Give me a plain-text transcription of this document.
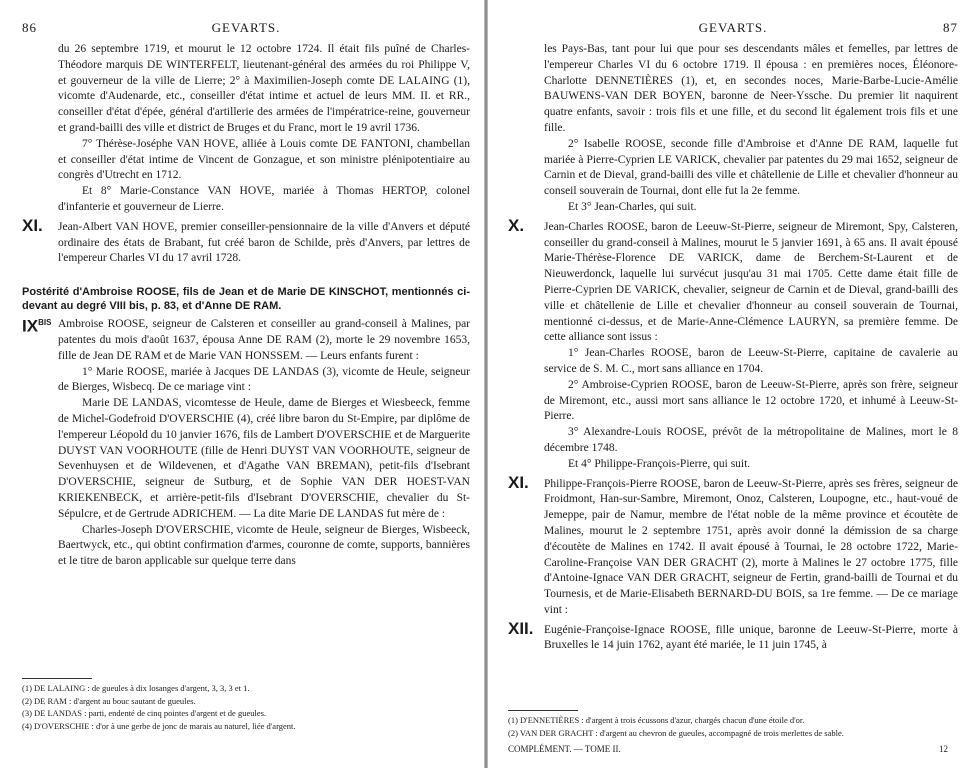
86	GEVARTS.

du 26 septembre 1719, et mourut le 12 octobre 1724. Il était fils puîné de Charles-Théodore marquis DE WINTERFELT, lieutenant-général des armées du roi Philippe V, et gouverneur de la ville de Lierre; 2° à Maximilien-Joseph comte DE LALAING (1), vicomte d'Audenarde, etc., conseiller d'état intime et actuel de leurs MM. II. et RR., conseiller d'état d'épée, général d'artillerie des armées de l'impératrice-reine, gouverneur et grand-bailli des ville et district de Bruges et du Franc, mort le 19 avril 1736.

7° Thérèse-Joséphe VAN HOVE, alliée à Louis comte DE FANTONI, chambellan et conseiller d'état intime de Vincent de Gonzague, et son ministre plénipotentiaire au congrès d'Utrecht en 1712.

Et 8° Marie-Constance VAN HOVE, mariée à Thomas HERTOP, colonel d'infanterie et gouverneur de Lierre.

XI. Jean-Albert VAN HOVE, premier conseiller-pensionnaire de la ville d'Anvers et député ordinaire des états de Brabant, fut créé baron de Schilde, près d'Anvers, par lettres de l'empereur Charles VI du 17 avril 1728.

Postérité d'Ambroise ROOSE, fils de Jean et de Marie DE KINSCHOT, mentionnés ci-devant au degré VIII bis, p. 83, et d'Anne DE RAM.

$IX^{BIS}$ Ambroise ROOSE, seigneur de Calsteren et conseiller au grand-conseil à Malines, par patentes du mois d'août 1637, épousa Anne DE RAM (2), morte le 29 novembre 1653, fille de Jean DE RAM et de Marie VAN HONSSEM. — Leurs enfants furent :

1° Marie ROOSE, mariée à Jacques DE LANDAS (3), vicomte de Heule, seigneur de Bierges, Wisbecq. De ce mariage vint :

Marie DE LANDAS, vicomtesse de Heule, dame de Bierges et Wiesbeeck, femme de Michel-Godefroid D'OVERSCHIE (4), créé libre baron du St-Empire, par diplôme de l'empereur Léopold du 10 janvier 1676, fils de Lambert D'OVERSCHIE et de Marguerite DUYST VAN VOORHOUTE (fille de Henri DUYST VAN VOORHOUTE, seigneur de Sevenhuysen et de Wildevenen, et d'Agathe VAN BREMAN), petit-fils d'Isebrant D'OVERSCHIE, seigneur de Sutburg, et de Sophie VAN DER HOEST-VAN KRIEKENBECK, et arrière-petit-fils d'Isebrant D'OVERSCHIE, chevalier du St-Sépulcre, et de Gertrude ADRICHEM. — La dite Marie DE LANDAS fut mère de :

Charles-Joseph D'OVERSCHIE, vicomte de Heule, seigneur de Bierges, Wisbeeck, Baertwyck, etc., qui obtint confirmation d'armes, couronne de comte, supports, bannières et le titre de baron applicable sur quelque terre dans

(1) DE LALAING : de gueules à dix losanges d'argent, 3, 3, 3 et 1.
(2) DE RAM : d'argent au bouc sautant de gueules.
(3) DE LANDAS : parti, endenté de cinq pointes d'argent et de gueules.
(4) D'OVERSCHIE : d'or à une gerbe de jonc de marais au naturel, liée d'argent.
GEVARTS.	87

les Pays-Bas, tant pour lui que pour ses descendants mâles et femelles, par lettres de l'empereur Charles VI du 6 octobre 1719. Il épousa : en premières noces, Éléonore-Charlotte DENNETIÈRES (1), et, en secondes noces, Marie-Barbe-Lucie-Amélie BAUWENS-VAN DER BOYEN, baronne de Neer-Yssche. Du premier lit naquirent quatre enfants, savoir : trois fils et une fille, et du second lit également trois fils et une fille.

2° Isabelle ROOSE, seconde fille d'Ambroise et d'Anne DE RAM, laquelle fut mariée à Pierre-Cyprien LE VARICK, chevalier par patentes du 29 mai 1652, seigneur de Carnin et de Dieval, grand-bailli des ville et châtellenie de Lille et chevalier d'honneur au conseil souverain de Tournai, dont elle fut la 2e femme.

Et 3° Jean-Charles, qui suit.

X. Jean-Charles ROOSE, baron de Leeuw-St-Pierre, seigneur de Miremont, Spy, Calsteren, conseiller du grand-conseil à Malines, mourut le 5 janvier 1691, à 65 ans. Il avait épousé Marie-Thérèse-Florence DE VARICK, dame de Berchem-St-Laurent et de Nieuwerdonck, laquelle lui survécut jusqu'au 31 mai 1705. Cette dame était fille de Pierre-Cyprien DE VARICK, chevalier, seigneur de Carnin et de Dieval, grand-bailli des ville et châtellenie de Lille et chevalier d'honneur au conseil souverain de Tournai, mentionné ci-dessus, et de Marie-Anne-Clémence LAURYN, sa première femme. De cette alliance sont issus :

1° Jean-Charles ROOSE, baron de Leeuw-St-Pierre, capitaine de cavalerie au service de S. M. C., mort sans alliance en 1704.

2° Ambroise-Cyprien ROOSE, baron de Leeuw-St-Pierre, après son frère, seigneur de Miremont, etc., aussi mort sans alliance le 12 octobre 1720, et inhumé à Leeuw-St-Pierre.

3° Alexandre-Louis ROOSE, prévôt de la métropolitaine de Malines, mort le 8 décembre 1748.

Et 4° Philippe-François-Pierre, qui suit.

XI. Philippe-François-Pierre ROOSE, baron de Leeuw-St-Pierre, après ses frères, seigneur de Froidmont, Han-sur-Sambre, Miremont, Onoz, Calsteren, Loupogne, etc., haut-voué de Jemeppe, pair de Namur, membre de l'état noble de la même province et écoutète de Malines, mourut le 2 septembre 1751, après avoir donné la démission de sa charge d'écoutète de Malines en 1742. Il avait épousé à Tournai, le 28 octobre 1722, Marie-Caroline-Françoise VAN DER GRACHT (2), morte à Malines le 27 octobre 1775, fille d'Antoine-Ignace VAN DER GRACHT, seigneur de Fertin, grand-bailli de Tournai et du Tournesis, et de Marie-Elisabeth BERNARD-DU BOIS, sa 1re femme. — De ce mariage vint :

XII. Eugénie-Françoise-Ignace ROOSE, fille unique, baronne de Leeuw-St-Pierre, morte à Bruxelles le 14 juin 1762, ayant été mariée, le 11 juin 1745, à

(1) D'ENNETIÈRES : d'argent à trois écussons d'azur, chargés chacun d'une étoile d'or.
(2) VAN DER GRACHT : d'argent au chevron de gueules, accompagné de trois merlettes de sable.
COMPLÉMENT. — TOME II.	12
